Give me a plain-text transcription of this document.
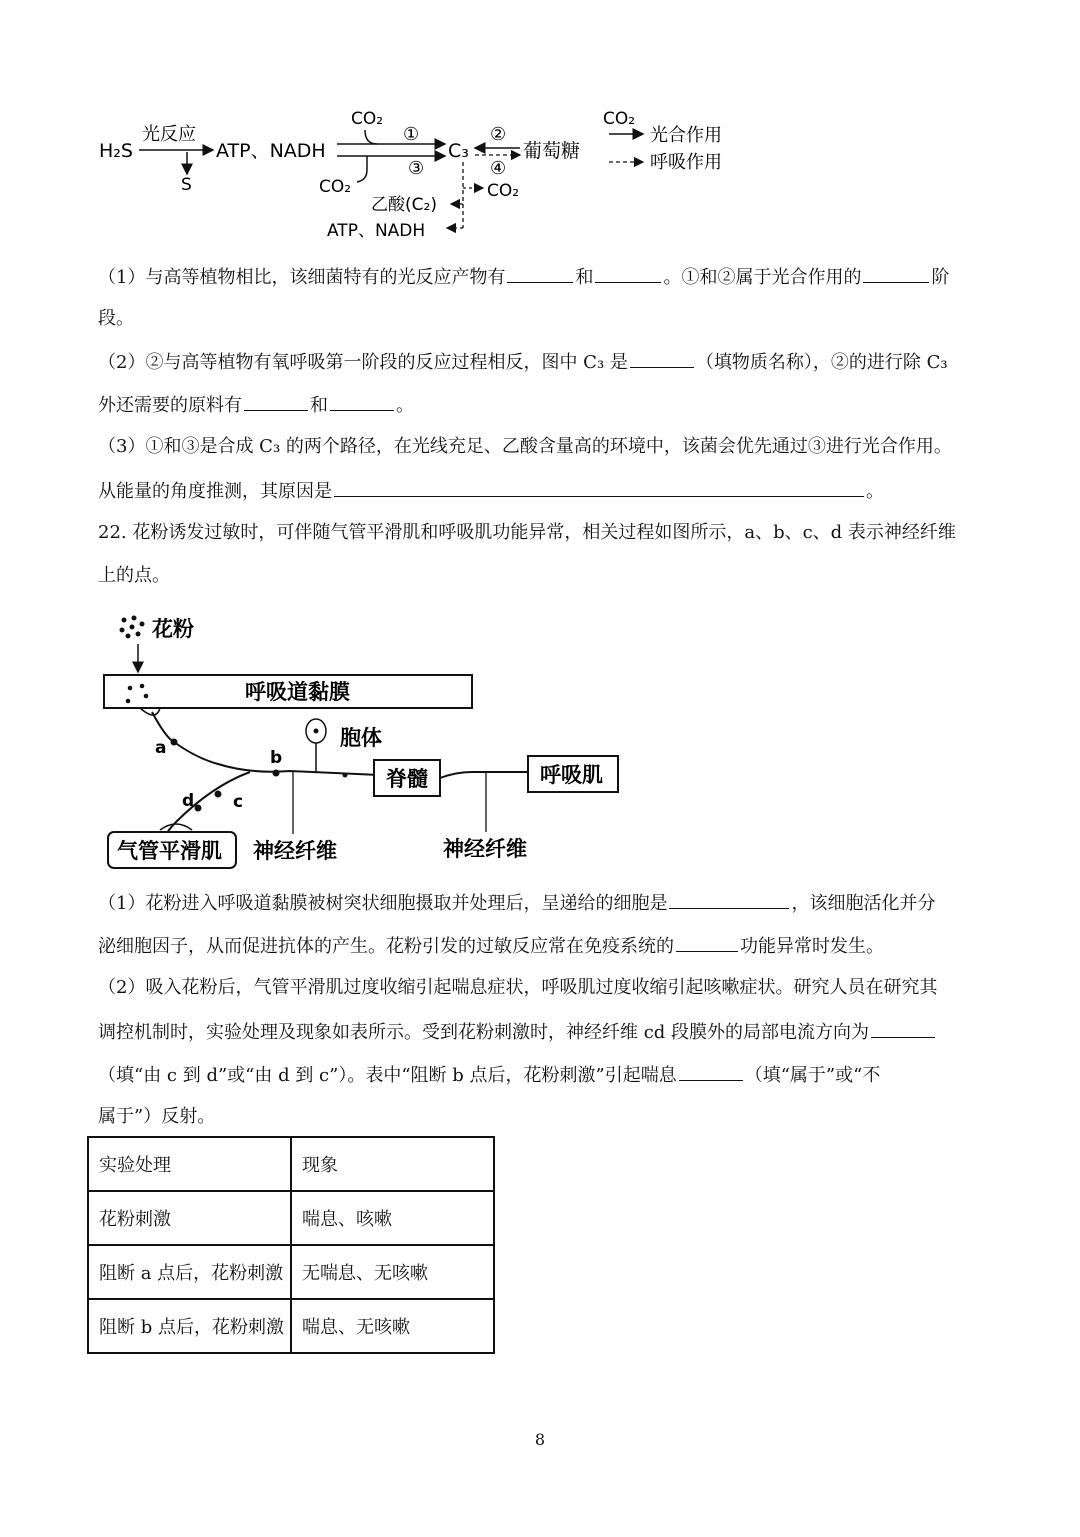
H₂S
光反应
S
ATP、NADH
CO₂
①
③
CO₂
C₃
②
④
葡萄糖
CO₂
乙酸(C₂)
ATP、NADH
CO₂
光合作用
呼吸作用
（1）与高等植物相比，该细菌特有的光反应产物有	和	。①和②属于光合作用的	阶
段。
（2）②与高等植物有氧呼吸第一阶段的反应过程相反，图中 C₃ 是	（填物质名称），②的进行除 C₃
外还需要的原料有	和	。
（3）①和③是合成 C₃ 的两个路径，在光线充足、乙酸含量高的环境中，该菌会优先通过③进行光合作用。
从能量的角度推测，其原因是	。
22. 花粉诱发过敏时，可伴随气管平滑肌和呼吸肌功能异常，相关过程如图所示，a、b、c、d 表示神经纤维
上的点。
花粉
呼吸道黏膜
a	胞体
b
c
d
气管平滑肌 神经纤维
脊髓
神经纤维
呼吸肌
（1）花粉进入呼吸道黏膜被树突状细胞摄取并处理后，呈递给的细胞是	，该细胞活化并分
泌细胞因子，从而促进抗体的产生。花粉引发的过敏反应常在免疫系统的	功能异常时发生。
（2）吸入花粉后，气管平滑肌过度收缩引起喘息症状，呼吸肌过度收缩引起咳嗽症状。研究人员在研究其
调控机制时，实验处理及现象如表所示。受到花粉刺激时，神经纤维 cd 段膜外的局部电流方向为
（填“由 c 到 d”或“由 d 到 c”）。表中“阻断 b 点后，花粉刺激”引起喘息	（填“属于”或“不
属于”）反射。
实验处理	现象
花粉刺激	喘息、咳嗽
阻断 a 点后，花粉刺激	无喘息、无咳嗽
阻断 b 点后，花粉刺激	喘息、无咳嗽
8
